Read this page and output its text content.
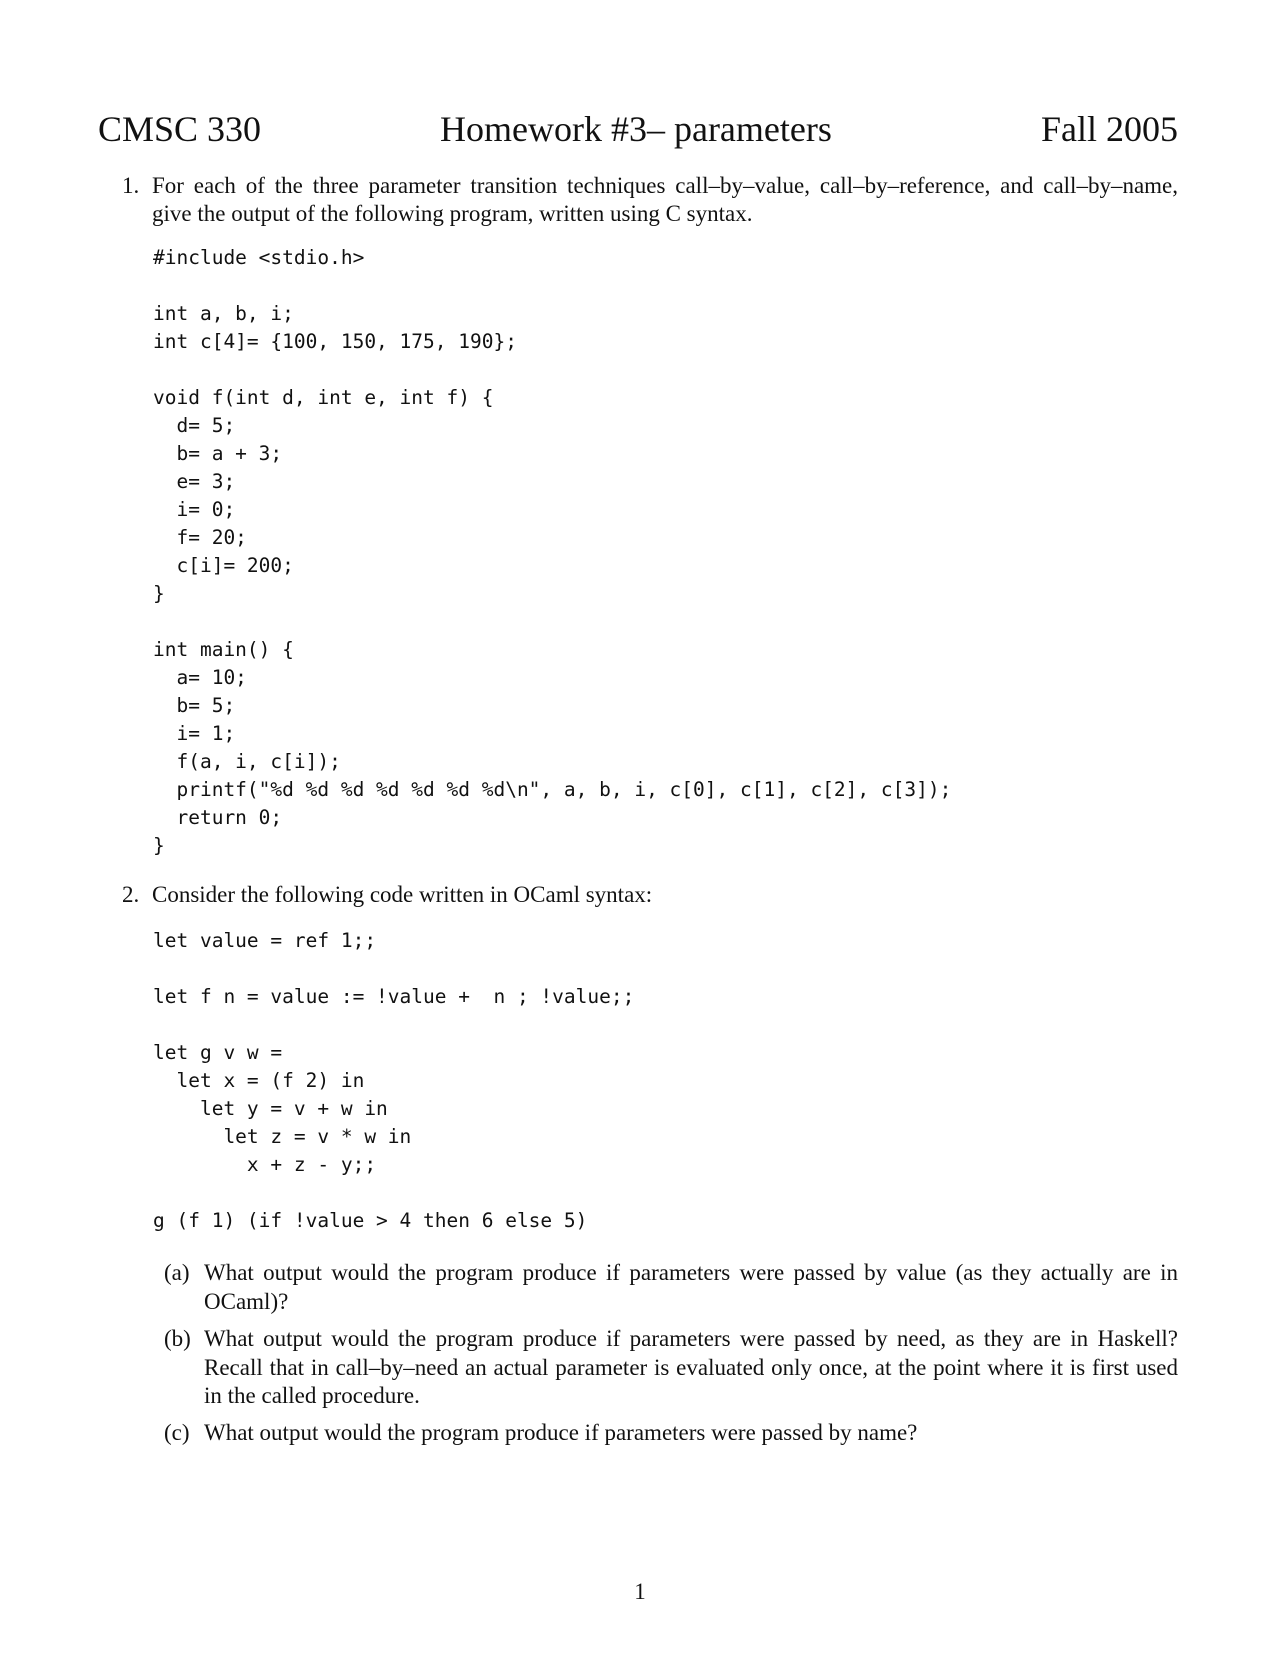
CMSC 330	Homework #3– parameters	Fall 2005
1. For each of the three parameter transition techniques call–by–value, call–by–reference, and call–by–name, give the output of the following program, written using C syntax.
#include <stdio.h>

int a, b, i;
int c[4]= {100, 150, 175, 190};

void f(int d, int e, int f) {
d= 5;
b= a + 3;
e= 3;
i= 0;
f= 20;
c[i]= 200;
}

int main() {
a= 10;
b= 5;
i= 1;
f(a, i, c[i]);
printf("%d %d %d %d %d %d %d\n", a, b, i, c[0], c[1], c[2], c[3]);
return 0;
}
2. Consider the following code written in OCaml syntax:
let value = ref 1;;

let f n = value := !value +  n ; !value;;

let g v w =
let x = (f 2) in
let y = v + w in
let z = v * w in
x + z - y;;

g (f 1) (if !value > 4 then 6 else 5)
(a) What output would the program produce if parameters were passed by value (as they actually are in OCaml)?
(b) What output would the program produce if parameters were passed by need, as they are in Haskell? Recall that in call–by–need an actual parameter is evaluated only once, at the point where it is first used in the called procedure.
(c) What output would the program produce if parameters were passed by name?
1
